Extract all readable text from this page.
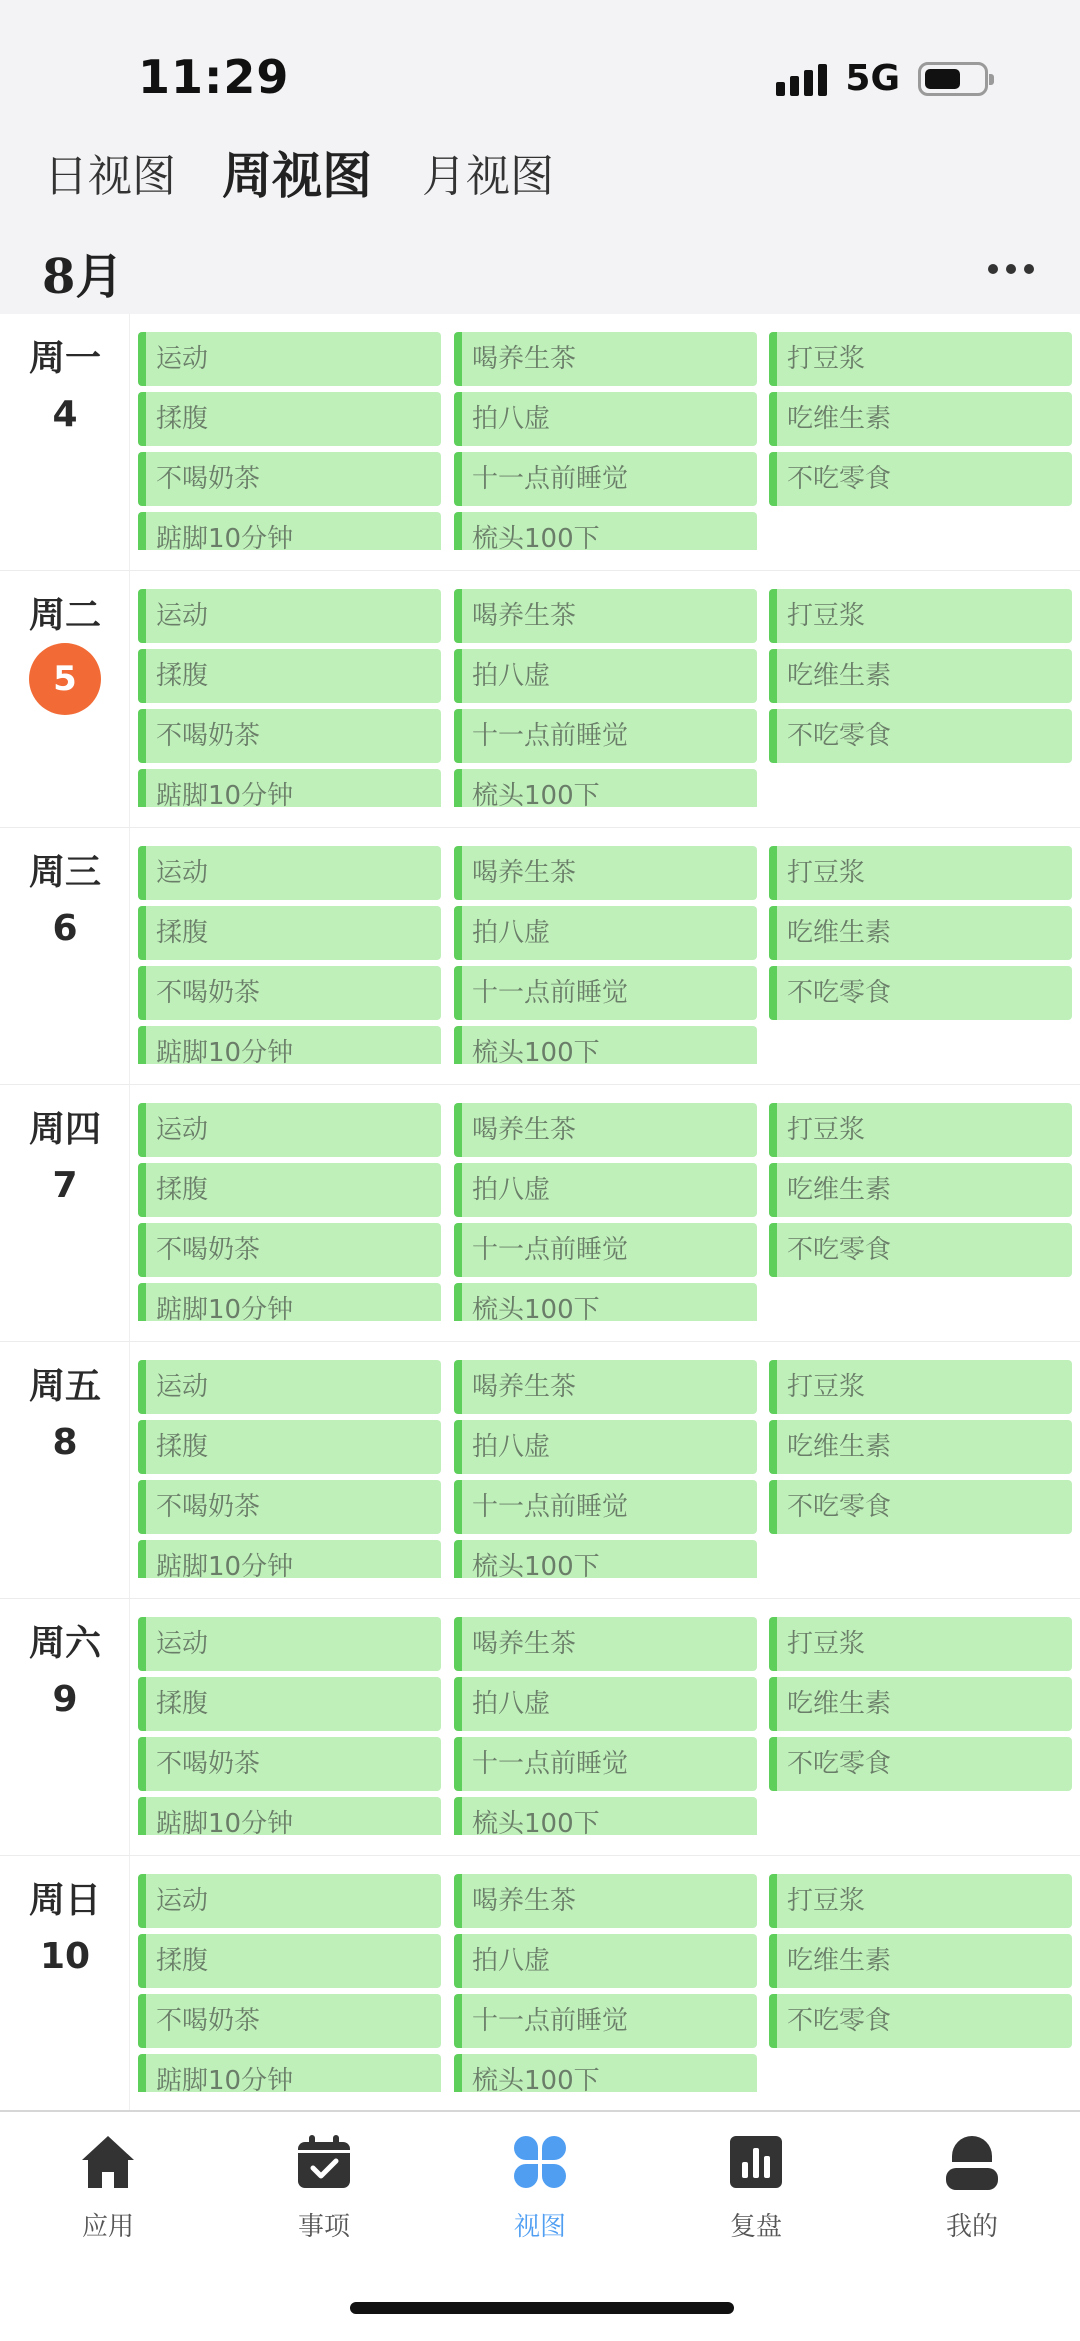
11:29	5G
日视图 周视图 月视图
8月
周一
4
运动
揉腹
不喝奶茶
踮脚10分钟
喝养生茶
拍八虚
十一点前睡觉
梳头100下
打豆浆
吃维生素
不吃零食
周二
5
运动
揉腹
不喝奶茶
踮脚10分钟
喝养生茶
拍八虚
十一点前睡觉
梳头100下
打豆浆
吃维生素
不吃零食
周三
6
运动
揉腹
不喝奶茶
踮脚10分钟
喝养生茶
拍八虚
十一点前睡觉
梳头100下
打豆浆
吃维生素
不吃零食
周四
7
运动
揉腹
不喝奶茶
踮脚10分钟
喝养生茶
拍八虚
十一点前睡觉
梳头100下
打豆浆
吃维生素
不吃零食
周五
8
运动
揉腹
不喝奶茶
踮脚10分钟
喝养生茶
拍八虚
十一点前睡觉
梳头100下
打豆浆
吃维生素
不吃零食
周六
9
运动
揉腹
不喝奶茶
踮脚10分钟
喝养生茶
拍八虚
十一点前睡觉
梳头100下
打豆浆
吃维生素
不吃零食
周日
10
运动
揉腹
不喝奶茶
踮脚10分钟
喝养生茶
拍八虚
十一点前睡觉
梳头100下
打豆浆
吃维生素
不吃零食
应用	事项	视图	复盘	我的
